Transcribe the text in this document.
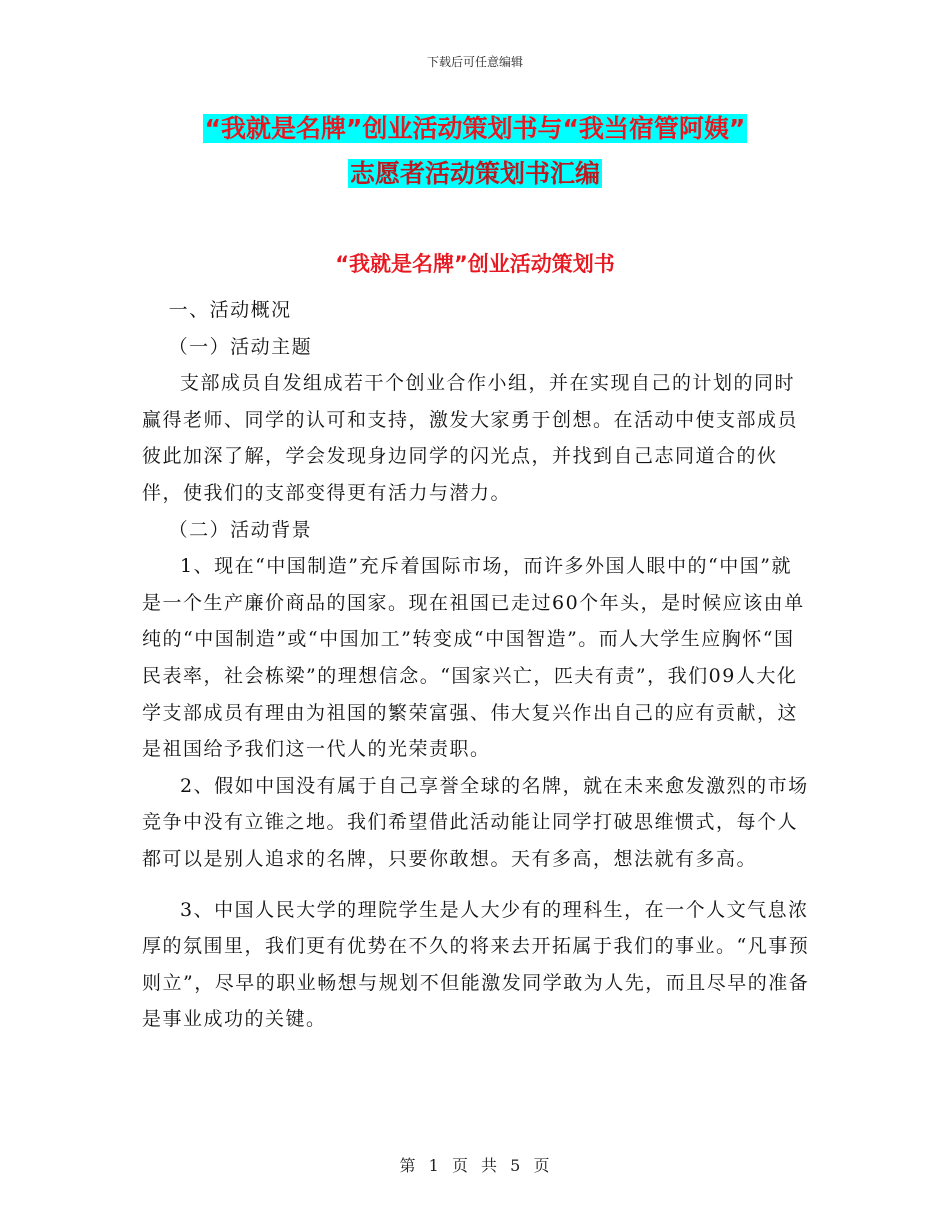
下载后可任意编辑
“我就是名牌”创业活动策划书与“我当宿管阿姨”
志愿者活动策划书汇编
“我就是名牌”创业活动策划书

一、活动概况

（一）活动主题

支部成员自发组成若干个创业合作小组，并在实现自己的计划的同时赢得老师、同学的认可和支持，激发大家勇于创想。在活动中使支部成员彼此加深了解，学会发现身边同学的闪光点，并找到自己志同道合的伙伴，使我们的支部变得更有活力与潜力。

（二）活动背景

1、现在“中国制造”充斥着国际市场，而许多外国人眼中的“中国”就是一个生产廉价商品的国家。现在祖国已走过60个年头，是时候应该由单纯的“中国制造”或“中国加工”转变成“中国智造”。而人大学生应胸怀“国民表率，社会栋梁”的理想信念。“国家兴亡，匹夫有责”，我们09人大化学支部成员有理由为祖国的繁荣富强、伟大复兴作出自己的应有贡献，这是祖国给予我们这一代人的光荣责职。

2、假如中国没有属于自己享誉全球的名牌，就在未来愈发激烈的市场竞争中没有立锥之地。我们希望借此活动能让同学打破思维惯式，每个人都可以是别人追求的名牌，只要你敢想。天有多高，想法就有多高。

3、中国人民大学的理院学生是人大少有的理科生，在一个人文气息浓厚的氛围里，我们更有优势在不久的将来去开拓属于我们的事业。“凡事预则立”，尽早的职业畅想与规划不但能激发同学敢为人先，而且尽早的准备是事业成功的关键。

第 1 页 共 5 页
